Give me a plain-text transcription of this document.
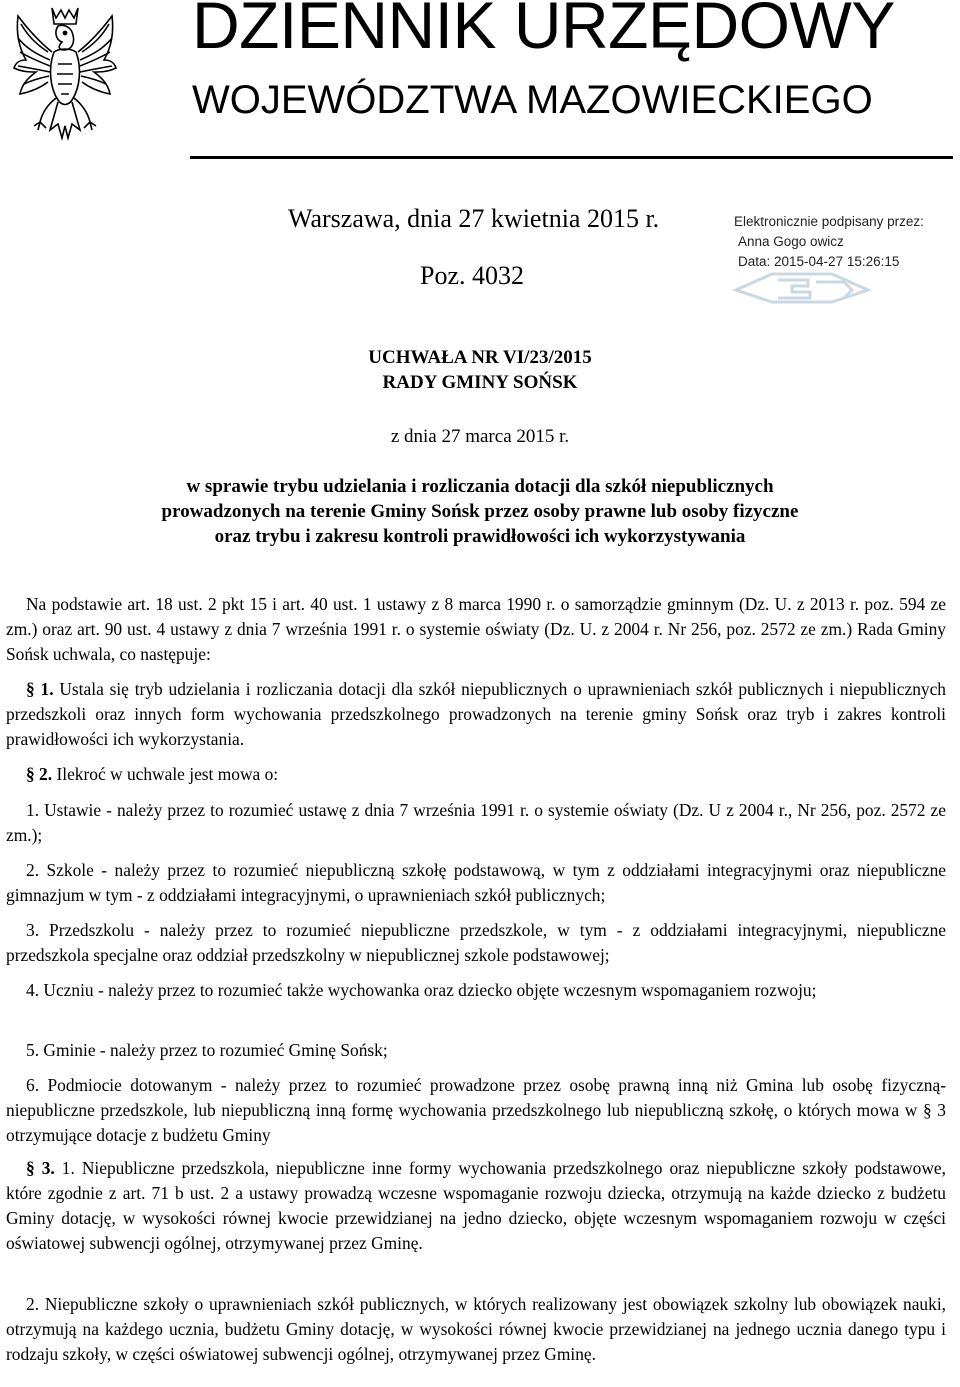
DZIENNIK URZĘDOWY
WOJEWÓDZTWA MAZOWIECKIEGO
Warszawa, dnia 27 kwietnia 2015 r.
Poz. 4032
Elektronicznie podpisany przez:
Anna Gogo owicz
Data: 2015-04-27 15:26:15
UCHWAŁA NR VI/23/2015
RADY GMINY SOŃSK
z dnia 27 marca 2015 r.
w sprawie trybu udzielania i rozliczania dotacji dla szkół niepublicznych
prowadzonych na terenie Gminy Sońsk przez osoby prawne lub osoby fizyczne
oraz trybu i zakresu kontroli prawidłowości ich wykorzystywania
Na podstawie art. 18 ust. 2 pkt 15 i art. 40 ust. 1 ustawy z 8 marca 1990 r. o samorządzie gminnym (Dz. U. z 2013 r. poz. 594 ze zm.) oraz art. 90 ust. 4 ustawy z dnia 7 września 1991 r. o systemie oświaty (Dz. U. z 2004 r. Nr 256, poz. 2572 ze zm.) Rada Gminy Sońsk uchwala, co następuje:
§ 1. Ustala się tryb udzielania i rozliczania dotacji dla szkół niepublicznych o uprawnieniach szkół publicznych i niepublicznych przedszkoli oraz innych form wychowania przedszkolnego prowadzonych na terenie gminy Sońsk oraz tryb i zakres kontroli prawidłowości ich wykorzystania.
§ 2. Ilekroć w uchwale jest mowa o:
1. Ustawie - należy przez to rozumieć ustawę z dnia 7 września 1991 r. o systemie oświaty (Dz. U z 2004 r., Nr 256, poz. 2572 ze zm.);
2. Szkole - należy przez to rozumieć niepubliczną szkołę podstawową, w tym z oddziałami integracyjnymi oraz niepubliczne gimnazjum w tym - z oddziałami integracyjnymi, o uprawnieniach szkół publicznych;
3. Przedszkolu - należy przez to rozumieć niepubliczne przedszkole, w tym - z oddziałami integracyjnymi, niepubliczne przedszkola specjalne oraz oddział przedszkolny w niepublicznej szkole podstawowej;
4. Uczniu - należy przez to rozumieć także wychowanka oraz dziecko objęte wczesnym wspomaganiem rozwoju;
5. Gminie - należy przez to rozumieć Gminę Sońsk;
6. Podmiocie dotowanym - należy przez to rozumieć prowadzone przez osobę prawną inną niż Gmina lub osobę fizyczną- niepubliczne przedszkole, lub niepubliczną inną formę wychowania przedszkolnego lub niepubliczną szkołę, o których mowa w § 3 otrzymujące dotacje z budżetu Gminy
§ 3. 1. Niepubliczne przedszkola, niepubliczne inne formy wychowania przedszkolnego oraz niepubliczne szkoły podstawowe, które zgodnie z art. 71 b ust. 2 a ustawy prowadzą wczesne wspomaganie rozwoju dziecka, otrzymują na każde dziecko z budżetu Gminy dotację, w wysokości równej kwocie przewidzianej na jedno dziecko, objęte wczesnym wspomaganiem rozwoju w części oświatowej subwencji ogólnej, otrzymywanej przez Gminę.
2. Niepubliczne szkoły o uprawnieniach szkół publicznych, w których realizowany jest obowiązek szkolny lub obowiązek nauki, otrzymują na każdego ucznia, budżetu Gminy dotację, w wysokości równej kwocie przewidzianej na jednego ucznia danego typu i rodzaju szkoły, w części oświatowej subwencji ogólnej, otrzymywanej przez Gminę.
